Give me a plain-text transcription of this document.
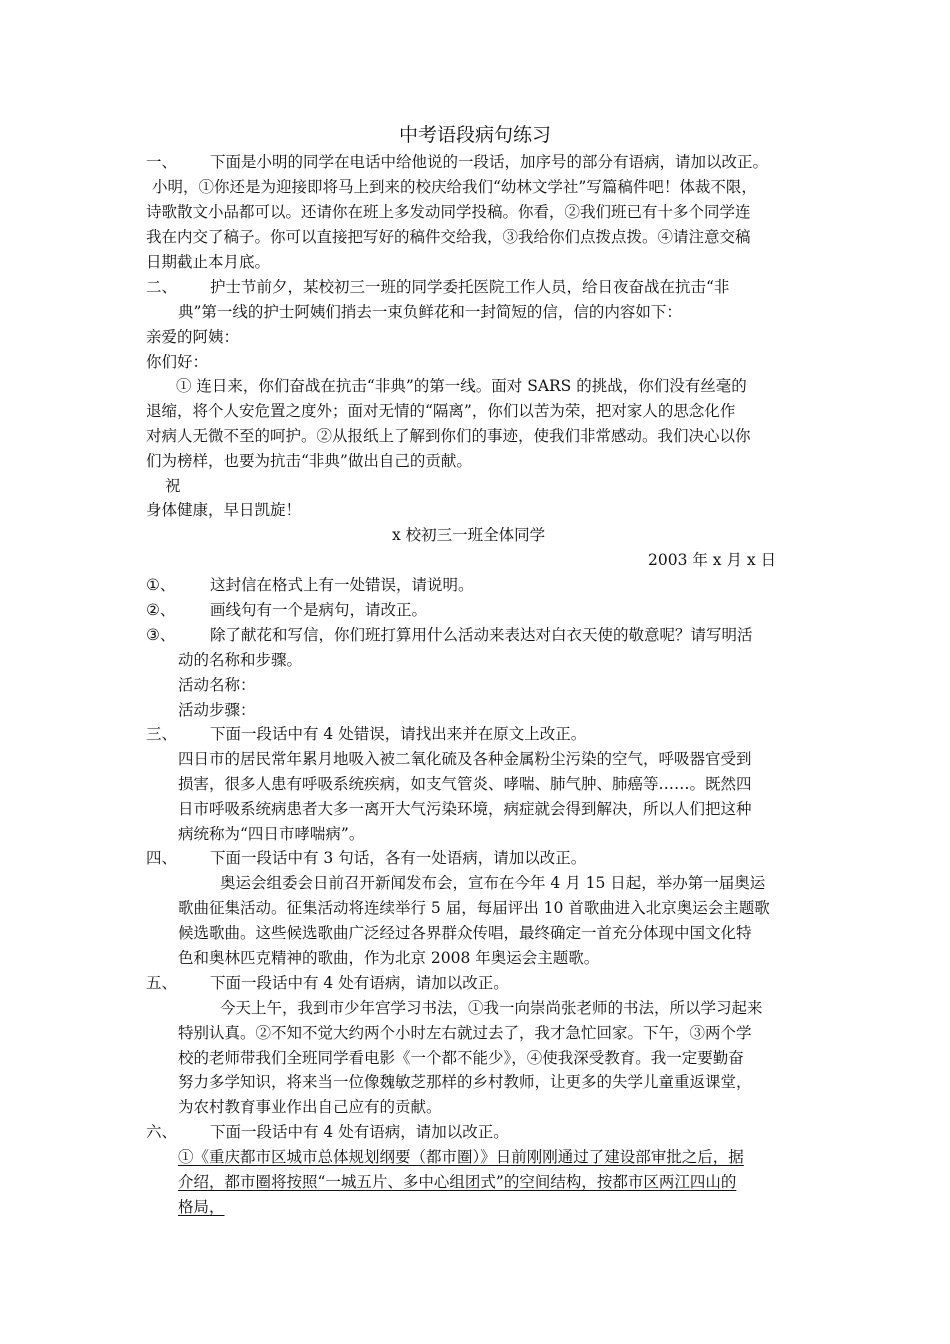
中考语段病句练习
一、 下面是小明的同学在电话中给他说的一段话，加序号的部分有语病，请加以改正。
小明，①你还是为迎接即将马上到来的校庆给我们“幼林文学社”写篇稿件吧！体裁不限，
诗歌散文小品都可以。还请你在班上多发动同学投稿。你看，②我们班已有十多个同学连
我在内交了稿子。你可以直接把写好的稿件交给我，③我给你们点拨点拨。④请注意交稿
日期截止本月底。
二、 护士节前夕，某校初三一班的同学委托医院工作人员，给日夜奋战在抗击“非
典”第一线的护士阿姨们捎去一束负鲜花和一封简短的信，信的内容如下：
亲爱的阿姨：
你们好：
① 连日来，你们奋战在抗击“非典”的第一线。面对 SARS 的挑战，你们没有丝毫的
退缩，将个人安危置之度外；面对无情的“隔离”，你们以苦为荣，把对家人的思念化作
对病人无微不至的呵护。②从报纸上了解到你们的事迹，使我们非常感动。我们决心以你
们为榜样，也要为抗击“非典”做出自己的贡献。
祝
身体健康，早日凯旋！
x 校初三一班全体同学
2003 年 x 月 x 日
①、 这封信在格式上有一处错误，请说明。
②、 画线句有一个是病句，请改正。
③、 除了献花和写信，你们班打算用什么活动来表达对白衣天使的敬意呢？请写明活
动的名称和步骤。
活动名称：
活动步骤：
三、 下面一段话中有 4 处错误，请找出来并在原文上改正。
四日市的居民常年累月地吸入被二氧化硫及各种金属粉尘污染的空气，呼吸器官受到
损害，很多人患有呼吸系统疾病，如支气管炎、哮喘、肺气肿、肺癌等……。既然四
日市呼吸系统病患者大多一离开大气污染环境，病症就会得到解决，所以人们把这种
病统称为“四日市哮喘病”。
四、 下面一段话中有 3 句话，各有一处语病，请加以改正。
奥运会组委会日前召开新闻发布会，宣布在今年 4 月 15 日起，举办第一届奥运
歌曲征集活动。征集活动将连续举行 5 届，每届评出 10 首歌曲进入北京奥运会主题歌
候选歌曲。这些候选歌曲广泛经过各界群众传唱，最终确定一首充分体现中国文化特
色和奥林匹克精神的歌曲，作为北京 2008 年奥运会主题歌。
五、 下面一段话中有 4 处有语病，请加以改正。
今天上午，我到市少年宫学习书法，①我一向崇尚张老师的书法，所以学习起来
特别认真。②不知不觉大约两个小时左右就过去了，我才急忙回家。下午，③两个学
校的老师带我们全班同学看电影《一个都不能少》，④使我深受教育。我一定要勤奋
努力多学知识，将来当一位像魏敏芝那样的乡村教师，让更多的失学儿童重返课堂，
为农村教育事业作出自己应有的贡献。
六、 下面一段话中有 4 处有语病，请加以改正。
①《重庆都市区城市总体规划纲要（都市圈）》日前刚刚通过了建设部审批之后，据
介绍，都市圈将按照“一城五片、多中心组团式”的空间结构，按都市区两江四山的
格局，
